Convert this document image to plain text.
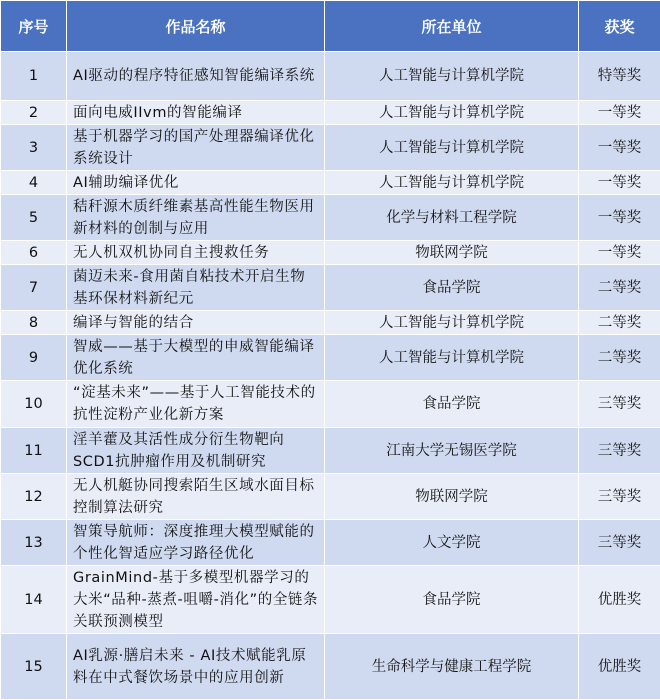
序号	作品名称	所在单位	获奖
1	AI驱动的程序特征感知智能编译系统	人工智能与计算机学院	特等奖
2	面向电威IIvm的智能编译	人工智能与计算机学院	一等奖
3	基于机器学习的国产处理器编译优化系统设计	人工智能与计算机学院	一等奖
4	AI辅助编译优化	人工智能与计算机学院	一等奖
5	秸秆源木质纤维素基高性能生物医用新材料的创制与应用	化学与材料工程学院	一等奖
6	无人机双机协同自主搜救任务	物联网学院	一等奖
7	菌迈未来-食用菌自粘技术开启生物基环保材料新纪元	食品学院	二等奖
8	编译与智能的结合	人工智能与计算机学院	二等奖
9	智威——基于大模型的申威智能编译优化系统	人工智能与计算机学院	二等奖
10	“淀基未来”——基于人工智能技术的抗性淀粉产业化新方案	食品学院	三等奖
11	淫羊藿及其活性成分衍生物靶向SCD1抗肿瘤作用及机制研究	江南大学无锡医学院	三等奖
12	无人机艇协同搜索陌生区域水面目标控制算法研究	物联网学院	三等奖
13	智策导航师：深度推理大模型赋能的个性化智适应学习路径优化	人文学院	三等奖
14	GrainMind-基于多模型机器学习的大米“品种-蒸煮-咀嚼-消化”的全链条关联预测模型	食品学院	优胜奖
15	AI乳源·膳启未来 - AI技术赋能乳原料在中式餐饮场景中的应用创新	生命科学与健康工程学院	优胜奖
